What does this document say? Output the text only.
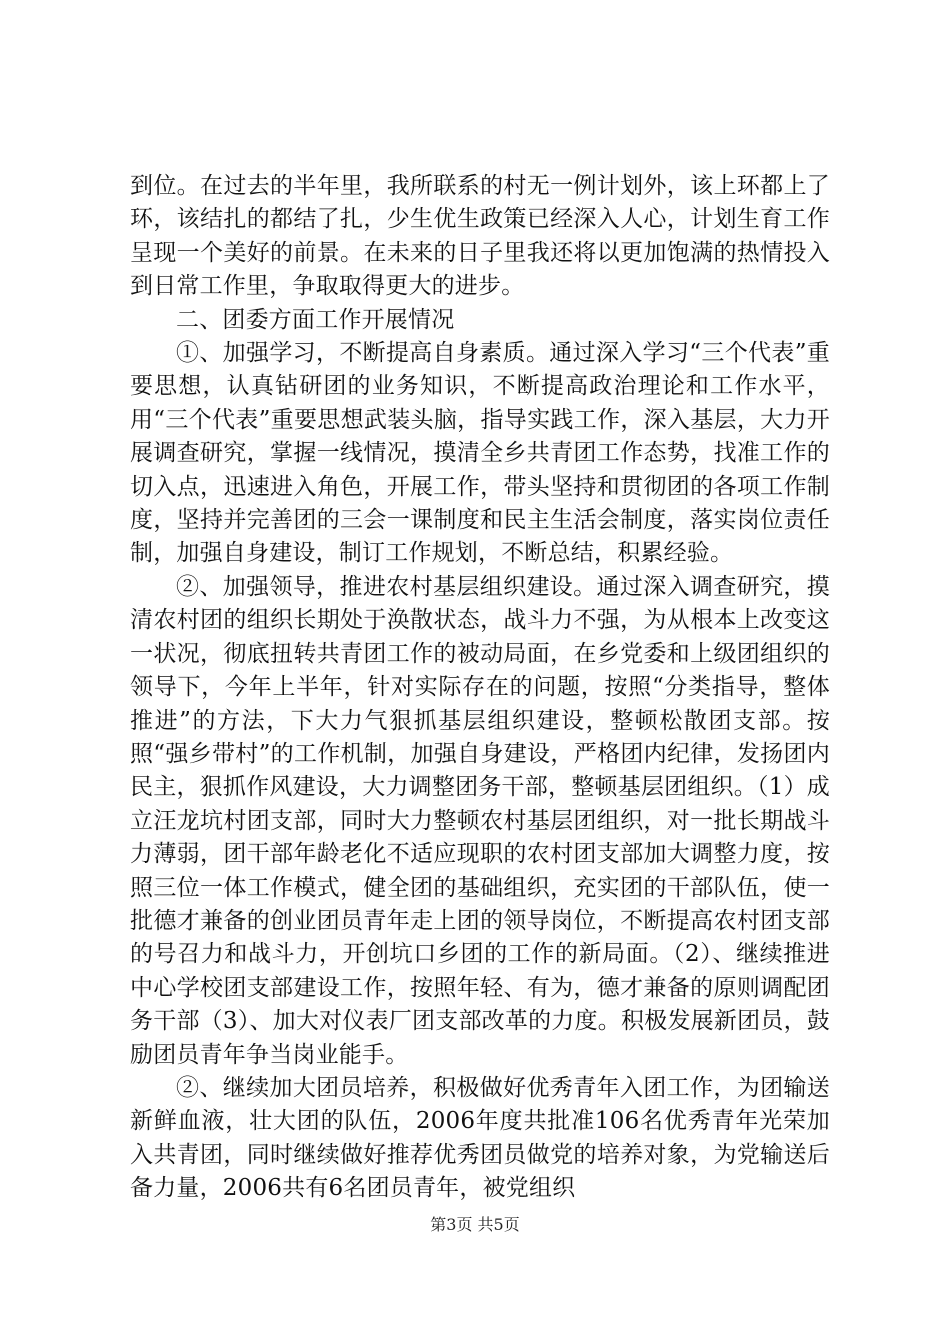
到位。在过去的半年里，我所联系的村无一例计划外，该上环都上了环，该结扎的都结了扎，少生优生政策已经深入人心，计划生育工作呈现一个美好的前景。在未来的日子里我还将以更加饱满的热情投入到日常工作里，争取取得更大的进步。

二、团委方面工作开展情况

①、加强学习，不断提高自身素质。通过深入学习“三个代表”重要思想，认真钻研团的业务知识，不断提高政治理论和工作水平，用“三个代表”重要思想武装头脑，指导实践工作，深入基层，大力开展调查研究，掌握一线情况，摸清全乡共青团工作态势，找准工作的切入点，迅速进入角色，开展工作，带头坚持和贯彻团的各项工作制度，坚持并完善团的三会一课制度和民主生活会制度，落实岗位责任制，加强自身建设，制订工作规划，不断总结，积累经验。

②、加强领导，推进农村基层组织建设。通过深入调查研究，摸清农村团的组织长期处于涣散状态，战斗力不强，为从根本上改变这一状况，彻底扭转共青团工作的被动局面，在乡党委和上级团组织的领导下，今年上半年，针对实际存在的问题，按照“分类指导，整体推进”的方法，下大力气狠抓基层组织建设，整顿松散团支部。按照“强乡带村”的工作机制，加强自身建设，严格团内纪律，发扬团内民主，狠抓作风建设，大力调整团务干部，整顿基层团组织。（1）成立汪龙坑村团支部，同时大力整顿农村基层团组织，对一批长期战斗力薄弱，团干部年龄老化不适应现职的农村团支部加大调整力度，按照三位一体工作模式，健全团的基础组织，充实团的干部队伍，使一批德才兼备的创业团员青年走上团的领导岗位，不断提高农村团支部的号召力和战斗力，开创坑口乡团的工作的新局面。（2）、继续推进中心学校团支部建设工作，按照年轻、有为，德才兼备的原则调配团务干部（3）、加大对仪表厂团支部改革的力度。积极发展新团员，鼓励团员青年争当岗业能手。

②、继续加大团员培养，积极做好优秀青年入团工作，为团输送新鲜血液，壮大团的队伍，2006年度共批准106名优秀青年光荣加入共青团，同时继续做好推荐优秀团员做党的培养对象，为党输送后备力量，2006共有6名团员青年，被党组织

第3页 共5页
